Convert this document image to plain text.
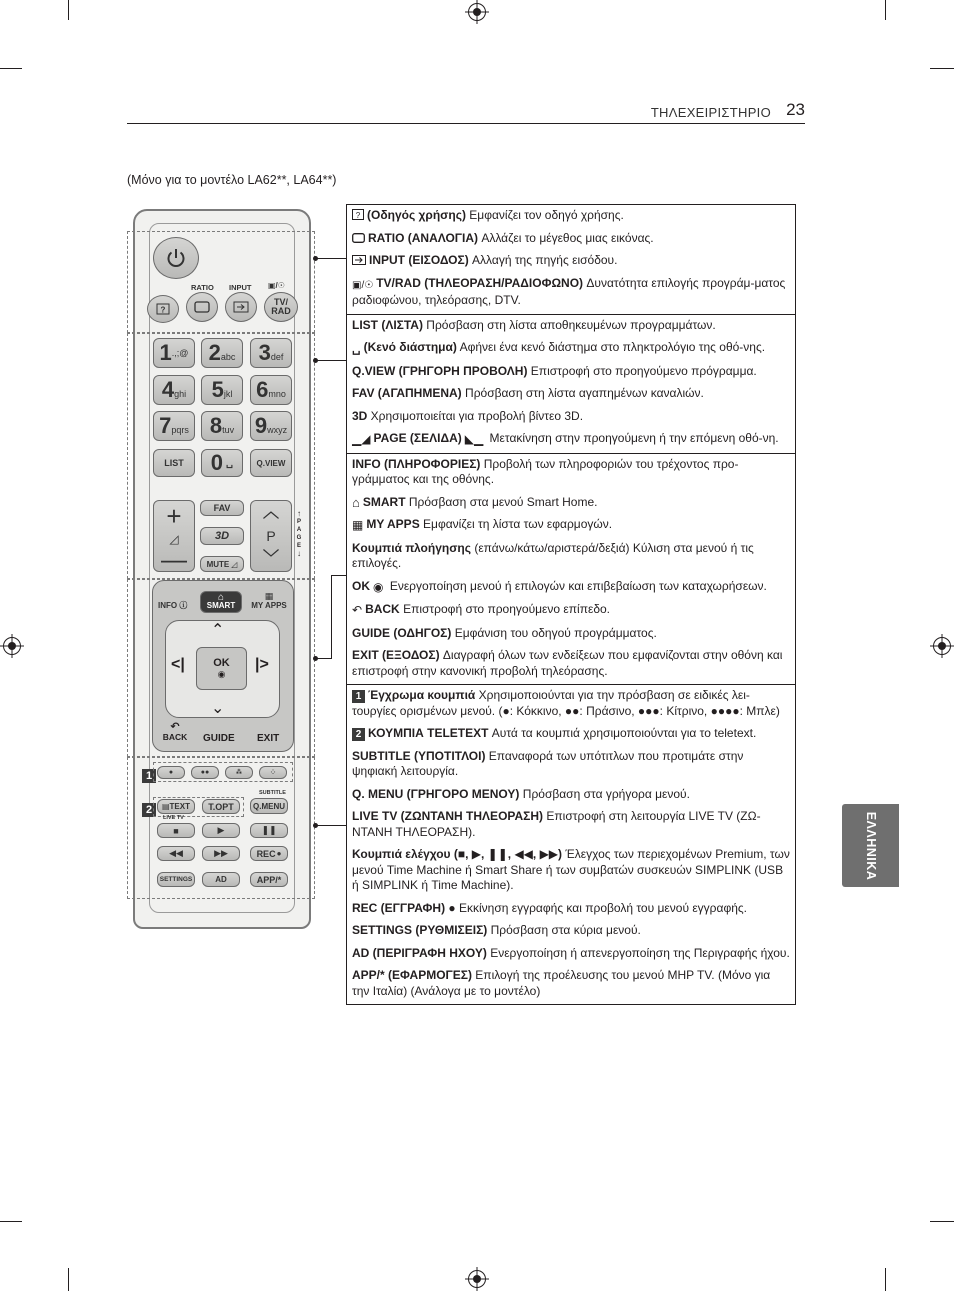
ΤΗΛΕΧΕΙΡΙΣΤΗΡΙΟ 23
(Μόνο για το μοντέλο LA62**, LA64**)
ΕΛΛΗΝΙΚΑ
RATIO INPUT ▣/☉
?
TV/
RAD
1 .,;@ 2 abc 3 def
4 ghi 5 jkl 6 mno
7 pqrs 8 tuv 9 wxyz
LIST 0 ␣	Q.VIEW
+
◿
—
FAV
3D
MUTE ◿
︿
P
﹀
↑
P
A
G
E
↓
INFO ⓘ
⌂
SMART
▦
MY APPS
⌃
⌄
<|	|>
OK
◉
↶
BACK	GUIDE EXIT
1	●	●●	⁂	⁘
SUBTITLE
2	▤ TEXT T.OPT Q.MENU
LIVE TV
■	▶	❚❚
◀◀	▶▶	REC ●
SETTINGS	AD	APP/*

? (Οδηγός χρήσης) Εμφανίζει τον οδηγό χρήσης.

RATIO (ΑΝΑΛΟΓΙΑ) Αλλάζει το μέγεθος μιας εικόνας.

INPUT (ΕΙΣΟΔΟΣ) Αλλαγή της πηγής εισόδου.

▣/☉ TV/RAD (ΤΗΛΕΟΡΑΣΗ/ΡΑΔΙΟΦΩΝΟ) Δυνατότητα επιλογής προγράμ-ματος ραδιοφώνου, τηλεόρασης, DTV.

LIST (ΛΙΣΤΑ) Πρόσβαση στη λίστα αποθηκευμένων προγραμμάτων.

␣ (Κενό διάστημα) Αφήνει ένα κενό διάστημα στο πληκτρολόγιο της οθό-νης.

Q.VIEW (ΓΡΗΓΟΡΗ ΠΡΟΒΟΛΗ) Επιστροφή στο προηγούμενο πρόγραμμα.

FAV (ΑΓΑΠΗΜΕΝΑ) Πρόσβαση στη λίστα αγαπημένων καναλιών.

3D Χρησιμοποιείται για προβολή βίντεο 3D.

▁◢ PAGE (ΣΕΛΙΔΑ) ◣▁ Μετακίνηση στην προηγούμενη ή την επόμενη οθό-νη.

INFO (ΠΛΗΡΟΦΟΡΙΕΣ) Προβολή των πληροφοριών του τρέχοντος προ-γράμματος και της οθόνης.

⌂ SMART Πρόσβαση στα μενού Smart Home.

▦ MY APPS Εμφανίζει τη λίστα των εφαρμογών.

Κουμπιά πλοήγησης (επάνω/κάτω/αριστερά/δεξιά) Κύλιση στα μενού ή τις επιλογές.

OK ◉ Ενεργοποίηση μενού ή επιλογών και επιβεβαίωση των καταχωρήσεων.

↶ BACK Επιστροφή στο προηγούμενο επίπεδο.

GUIDE (ΟΔΗΓΟΣ) Εμφάνιση του οδηγού προγράμματος.

EXIT (ΕΞΟΔΟΣ) Διαγραφή όλων των ενδείξεων που εμφανίζονται στην οθόνη και επιστροφή στην κανονική προβολή τηλεόρασης.

1 Έγχρωμα κουμπιά Χρησιμοποιούνται για την πρόσβαση σε ειδικές λει-τουργίες ορισμένων μενού. (●: Κόκκινο, ●●: Πράσινο, ●●●: Κίτρινο, ●●●●: Μπλε)

2 ΚΟΥΜΠΙΑ TELETEXT Αυτά τα κουμπιά χρησιμοποιούνται για το teletext.

SUBTITLE (ΥΠΟΤΙΤΛΟΙ) Επαναφορά των υπότιτλων που προτιμάτε στην ψηφιακή λειτουργία.

Q. MENU (ΓΡΗΓΟΡΟ ΜΕΝΟΥ) Πρόσβαση στα γρήγορα μενού.

LIVE TV (ΖΩΝΤΑΝΗ ΤΗΛΕΟΡΑΣΗ) Επιστροφή στη λειτουργία LIVE TV (ΖΩ-ΝΤΑΝΗ ΤΗΛΕΟΡΑΣΗ).

Κουμπιά ελέγχου (■, ▶, ❚❚, ◀◀, ▶▶) Έλεγχος των περιεχομένων Premium, των μενού Time Machine ή Smart Share ή των συμβατών συσκευών SIMPLINK (USB ή SIMPLINK ή Time Machine).

REC (ΕΓΓΡΑΦΗ) ● Εκκίνηση εγγραφής και προβολή του μενού εγγραφής.

SETTINGS (ΡΥΘΜΙΣΕΙΣ) Πρόσβαση στα κύρια μενού.

AD (ΠΕΡΙΓΡΑΦΗ ΗΧΟΥ) Ενεργοποίηση ή απενεργοποίηση της Περιγραφής ήχου.

APP/* (ΕΦΑΡΜΟΓΕΣ) Επιλογή της προέλευσης του μενού MHP TV. (Μόνο για την Ιταλία) (Ανάλογα με το μοντέλο)
